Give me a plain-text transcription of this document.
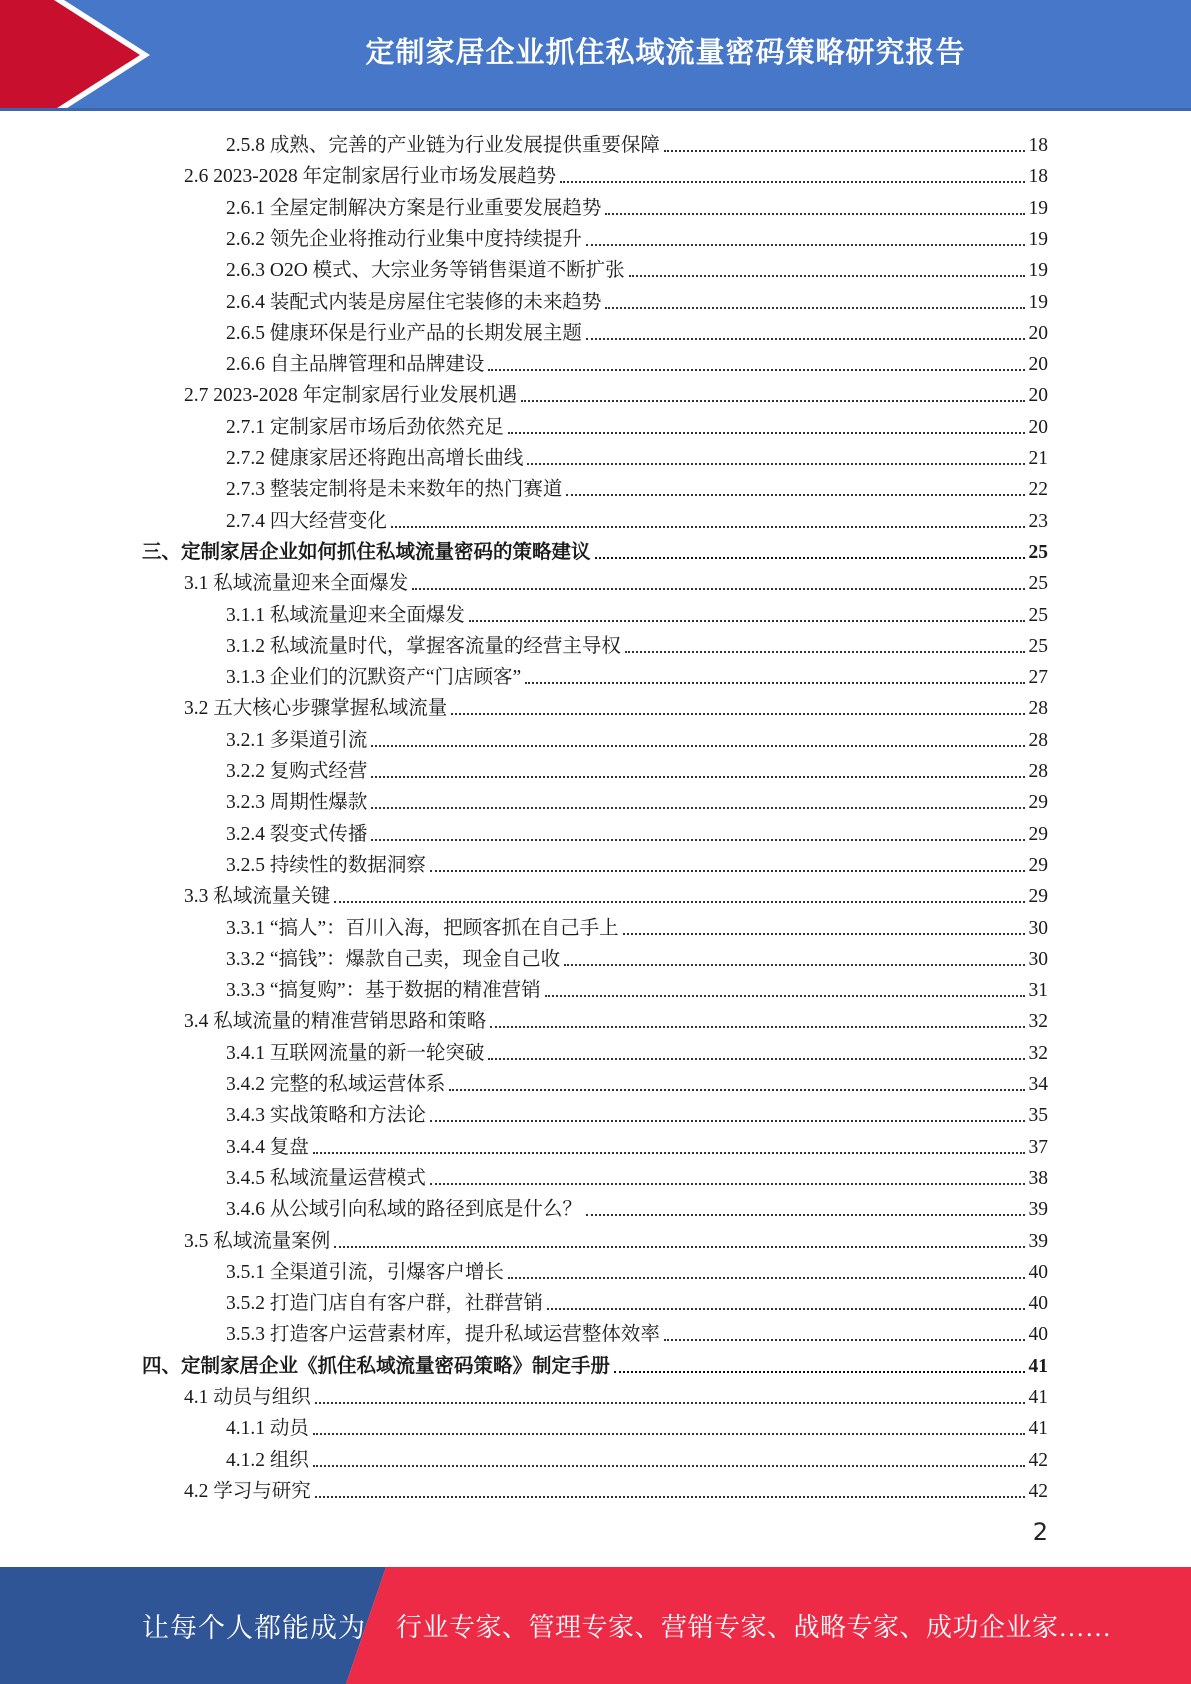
定制家居企业抓住私域流量密码策略研究报告
2.5.8 成熟、完善的产业链为行业发展提供重要保障	18
2.6 2023-2028 年定制家居行业市场发展趋势	18
2.6.1 全屋定制解决方案是行业重要发展趋势	19
2.6.2 领先企业将推动行业集中度持续提升	19
2.6.3 O2O 模式、大宗业务等销售渠道不断扩张	19
2.6.4 装配式内装是房屋住宅装修的未来趋势	19
2.6.5 健康环保是行业产品的长期发展主题	20
2.6.6 自主品牌管理和品牌建设	20
2.7 2023-2028 年定制家居行业发展机遇	20
2.7.1 定制家居市场后劲依然充足	20
2.7.2 健康家居还将跑出高增长曲线	21
2.7.3 整装定制将是未来数年的热门赛道	22
2.7.4 四大经营变化	23
三、定制家居企业如何抓住私域流量密码的策略建议	25
3.1 私域流量迎来全面爆发	25
3.1.1 私域流量迎来全面爆发	25
3.1.2 私域流量时代，掌握客流量的经营主导权	25
3.1.3 企业们的沉默资产“门店顾客”	27
3.2 五大核心步骤掌握私域流量	28
3.2.1 多渠道引流	28
3.2.2 复购式经营	28
3.2.3 周期性爆款	29
3.2.4 裂变式传播	29
3.2.5 持续性的数据洞察	29
3.3 私域流量关键	29
3.3.1 “搞人”：百川入海，把顾客抓在自己手上	30
3.3.2 “搞钱”：爆款自己卖，现金自己收	30
3.3.3 “搞复购”：基于数据的精准营销	31
3.4 私域流量的精准营销思路和策略	32
3.4.1 互联网流量的新一轮突破	32
3.4.2 完整的私域运营体系	34
3.4.3 实战策略和方法论	35
3.4.4 复盘	37
3.4.5 私域流量运营模式	38
3.4.6 从公域引向私域的路径到底是什么？	39
3.5 私域流量案例	39
3.5.1 全渠道引流，引爆客户增长	40
3.5.2 打造门店自有客户群，社群营销	40
3.5.3 打造客户运营素材库，提升私域运营整体效率	40
四、定制家居企业《抓住私域流量密码策略》制定手册	41
4.1 动员与组织	41
4.1.1 动员	41
4.1.2 组织	42
4.2 学习与研究	42
2
让每个人都能成为 行业专家、管理专家、营销专家、战略专家、成功企业家……
